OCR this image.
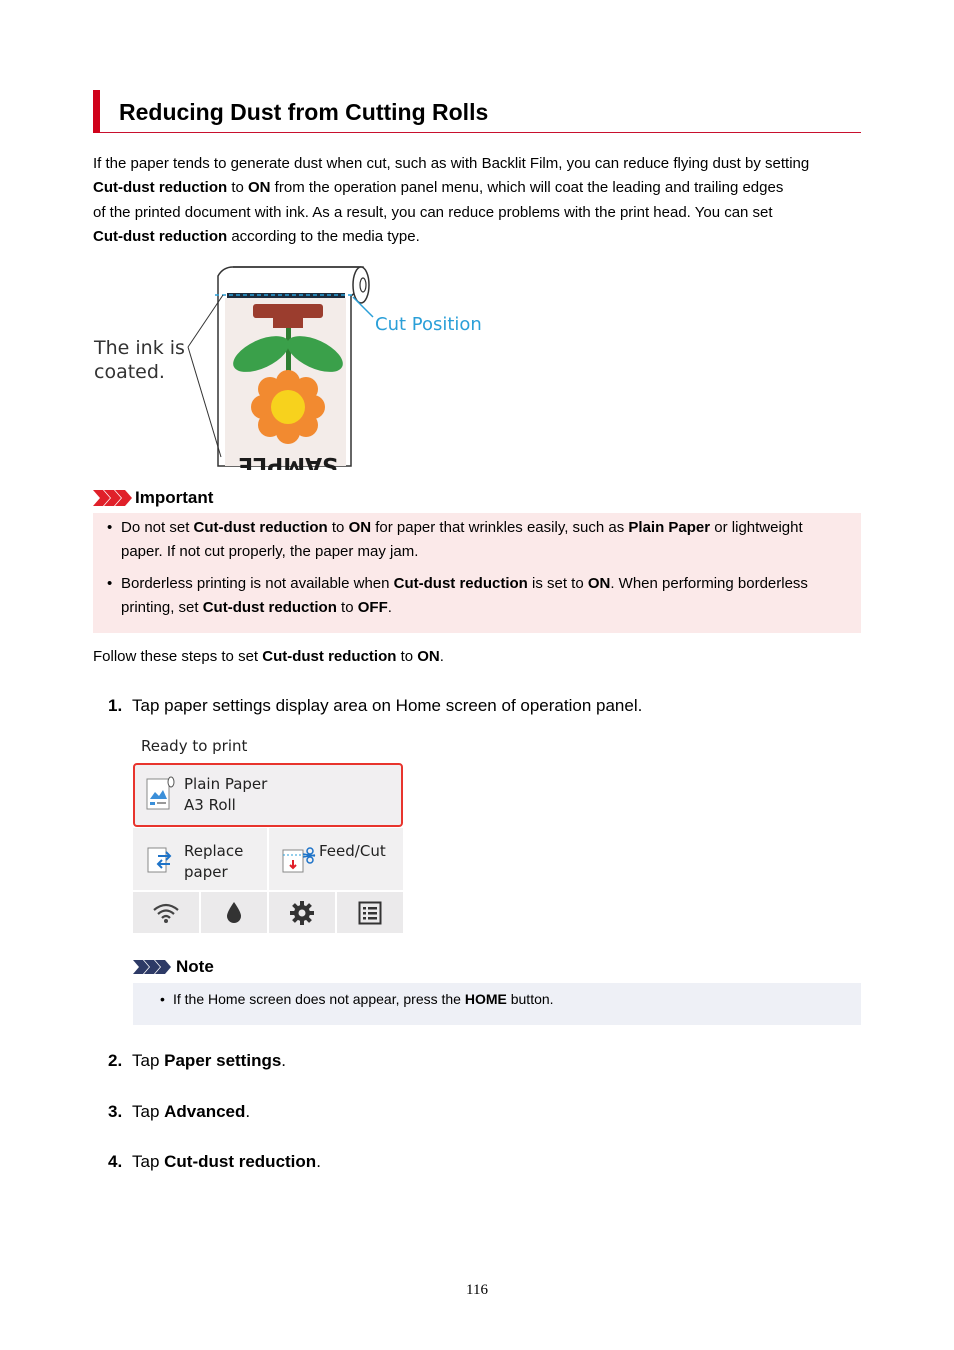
Reducing Dust from Cutting Rolls
If the paper tends to generate dust when cut, such as with Backlit Film, you can reduce flying dust by setting
Cut-dust reduction to ON from the operation panel menu, which will coat the leading and trailing edges
of the printed document with ink. As a result, you can reduce problems with the print head. You can set
Cut-dust reduction according to the media type.
SAMPLE
The ink is
coated.
Cut Position
Important
• Do not set Cut-dust reduction to ON for paper that wrinkles easily, such as Plain Paper or lightweight
paper. If not cut properly, the paper may jam.
• Borderless printing is not available when Cut-dust reduction is set to ON. When performing borderless
printing, set Cut-dust reduction to OFF.
Follow these steps to set Cut-dust reduction to ON.
1. Tap paper settings display area on Home screen of operation panel.
Ready to print
Plain Paper
A3 Roll
Replace
paper
Feed/Cut
Note
• If the Home screen does not appear, press the HOME button.
2. Tap Paper settings.
3. Tap Advanced.
4. Tap Cut-dust reduction.
116
